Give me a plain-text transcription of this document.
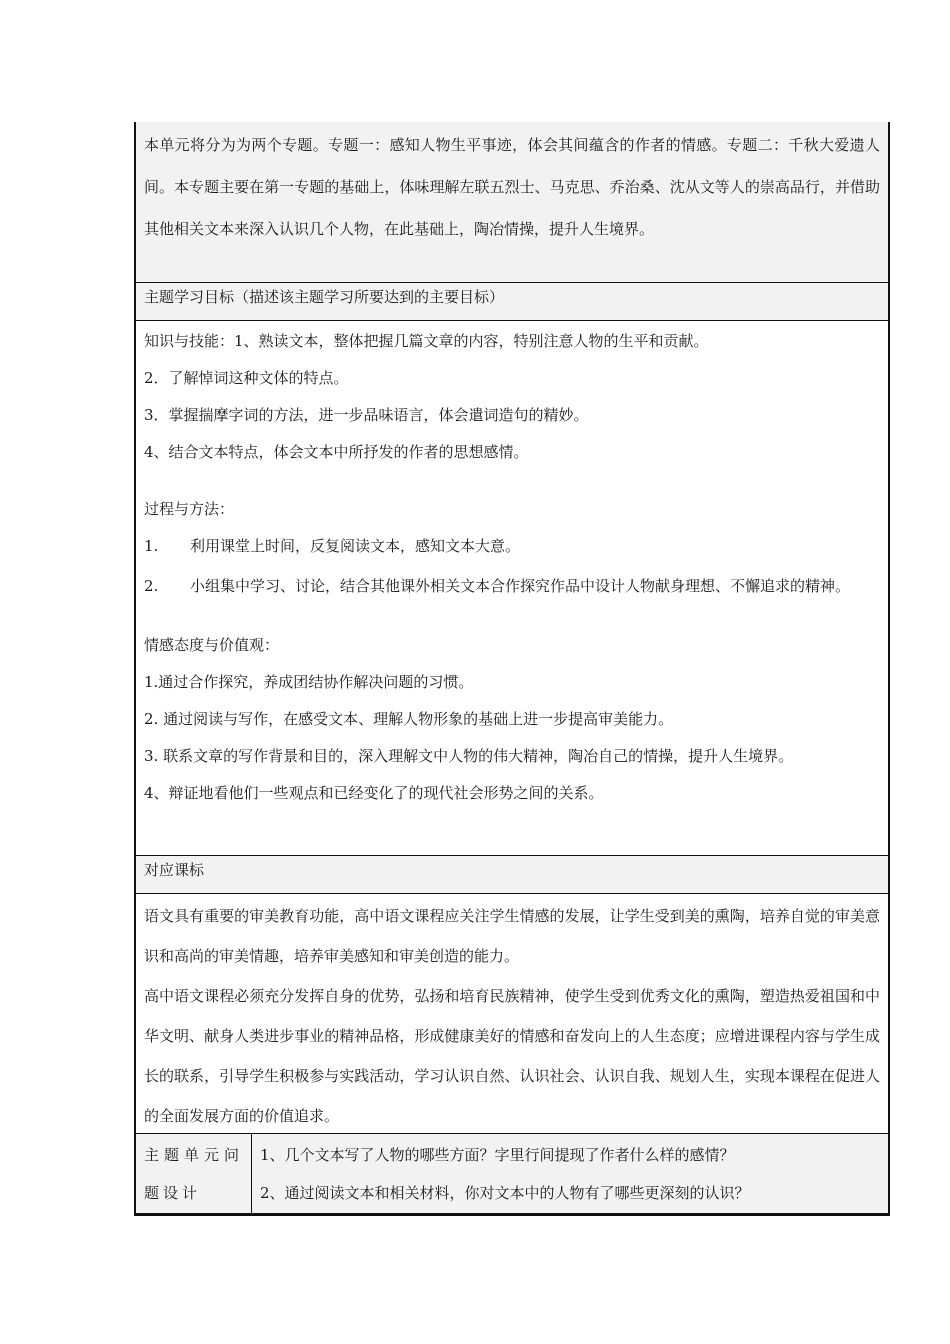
本单元将分为为两个专题。专题一：感知人物生平事迹，体会其间蕴含的作者的情感。专题二：千秋大爱遗人间。本专题主要在第一专题的基础上，体味理解左联五烈士、马克思、乔治桑、沈从文等人的崇高品行，并借助其他相关文本来深入认识几个人物，在此基础上，陶冶情操，提升人生境界。

主题学习目标（描述该主题学习所要达到的主要目标）
知识与技能：1、熟读文本，整体把握几篇文章的内容，特别注意人物的生平和贡献。
2．了解悼词这种文体的特点。
3．掌握揣摩字词的方法，进一步品味语言，体会遣词造句的精妙。
4、结合文本特点，体会文本中所抒发的作者的思想感情。
过程与方法：
1.	利用课堂上时间，反复阅读文本，感知文本大意。
2.	小组集中学习、讨论，结合其他课外相关文本合作探究作品中设计人物献身理想、不懈追求的精神。
情感态度与价值观：
1.通过合作探究，养成团结协作解决问题的习惯。
2. 通过阅读与写作，在感受文本、理解人物形象的基础上进一步提高审美能力。
3. 联系文章的写作背景和目的，深入理解文中人物的伟大精神，陶冶自己的情操，提升人生境界。
4、辩证地看他们一些观点和已经变化了的现代社会形势之间的关系。
对应课标

语文具有重要的审美教育功能，高中语文课程应关注学生情感的发展，让学生受到美的熏陶，培养自觉的审美意识和高尚的审美情趣，培养审美感知和审美创造的能力。

高中语文课程必须充分发挥自身的优势，弘扬和培育民族精神，使学生受到优秀文化的熏陶，塑造热爱祖国和中华文明、献身人类进步事业的精神品格，形成健康美好的情感和奋发向上的人生态度；应增进课程内容与学生成长的联系，引导学生积极参与实践活动，学习认识自然、认识社会、认识自我、规划人生，实现本课程在促进人的全面发展方面的价值追求。

主题单元问题设计
1、几个文本写了人物的哪些方面？字里行间提现了作者什么样的感情？
2、通过阅读文本和相关材料，你对文本中的人物有了哪些更深刻的认识？
